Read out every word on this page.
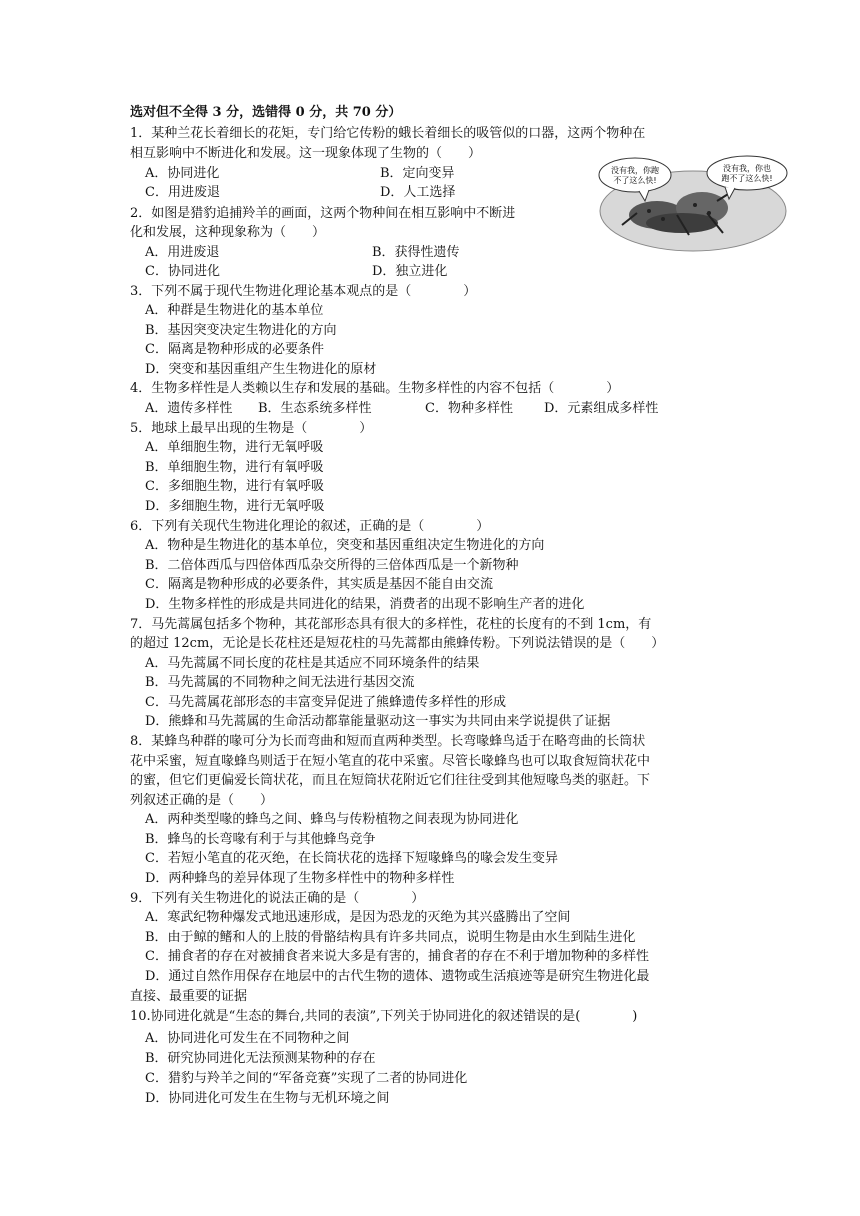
选对但不全得 3 分，选错得 0 分，共 70 分）
1．某种兰花长着细长的花矩，专门给它传粉的蛾长着细长的吸管似的口器，这两个物种在
相互影响中不断进化和发展。这一现象体现了生物的（　　）
A．协同进化	B．定向变异
C．用进废退	D．人工选择
没有我，你跑
不了这么快!
没有我，你也
跑不了这么快!
2．如图是猎豹追捕羚羊的画面，这两个物种间在相互影响中不断进
化和发展，这种现象称为（　　）
A．用进废退	B．获得性遗传
C．协同进化	D．独立进化
3．下列不属于现代生物进化理论基本观点的是（　　　　）
A．种群是生物进化的基本单位
B．基因突变决定生物进化的方向
C．隔离是物种形成的必要条件
D．突变和基因重组产生生物进化的原材
4．生物多样性是人类赖以生存和发展的基础。生物多样性的内容不包括（　　　　）
A．遗传多样性 B．生态系统多样性	C．物种多样性 D．元素组成多样性
5．地球上最早出现的生物是（　　　　）
A．单细胞生物，进行无氧呼吸
B．单细胞生物，进行有氧呼吸
C．多细胞生物，进行有氧呼吸
D．多细胞生物，进行无氧呼吸
6．下列有关现代生物进化理论的叙述，正确的是（　　　　）
A．物种是生物进化的基本单位，突变和基因重组决定生物进化的方向
B．二倍体西瓜与四倍体西瓜杂交所得的三倍体西瓜是一个新物种
C．隔离是物种形成的必要条件，其实质是基因不能自由交流
D．生物多样性的形成是共同进化的结果，消费者的出现不影响生产者的进化
7．马先蒿属包括多个物种，其花部形态具有很大的多样性，花柱的长度有的不到 1cm，有
的超过 12cm，无论是长花柱还是短花柱的马先蒿都由熊蜂传粉。下列说法错误的是（　　）
A．马先蒿属不同长度的花柱是其适应不同环境条件的结果
B．马先蒿属的不同物种之间无法进行基因交流
C．马先蒿属花部形态的丰富变异促进了熊蜂遗传多样性的形成
D．熊蜂和马先蒿属的生命活动都靠能量驱动这一事实为共同由来学说提供了证据
8．某蜂鸟种群的喙可分为长而弯曲和短而直两种类型。长弯喙蜂鸟适于在略弯曲的长筒状
花中采蜜，短直喙蜂鸟则适于在短小笔直的花中采蜜。尽管长喙蜂鸟也可以取食短筒状花中
的蜜，但它们更偏爱长筒状花，而且在短筒状花附近它们往往受到其他短喙鸟类的驱赶。下
列叙述正确的是（　　）
A．两种类型喙的蜂鸟之间、蜂鸟与传粉植物之间表现为协同进化
B．蜂鸟的长弯喙有利于与其他蜂鸟竞争
C．若短小笔直的花灭绝，在长筒状花的选择下短喙蜂鸟的喙会发生变异
D．两种蜂鸟的差异体现了生物多样性中的物种多样性
9．下列有关生物进化的说法正确的是（　　　　）
A．寒武纪物种爆发式地迅速形成，是因为恐龙的灭绝为其兴盛腾出了空间
B．由于鲸的鳍和人的上肢的骨骼结构具有许多共同点，说明生物是由水生到陆生进化
C．捕食者的存在对被捕食者来说大多是有害的，捕食者的存在不利于增加物种的多样性
D．通过自然作用保存在地层中的古代生物的遗体、遗物或生活痕迹等是研究生物进化最
直接、最重要的证据
10.协同进化就是“生态的舞台,共同的表演”,下列关于协同进化的叙述错误的是(　　　　)
A．协同进化可发生在不同物种之间
B．研究协同进化无法预测某物种的存在
C．猎豹与羚羊之间的“军备竞赛”实现了二者的协同进化
D．协同进化可发生在生物与无机环境之间
